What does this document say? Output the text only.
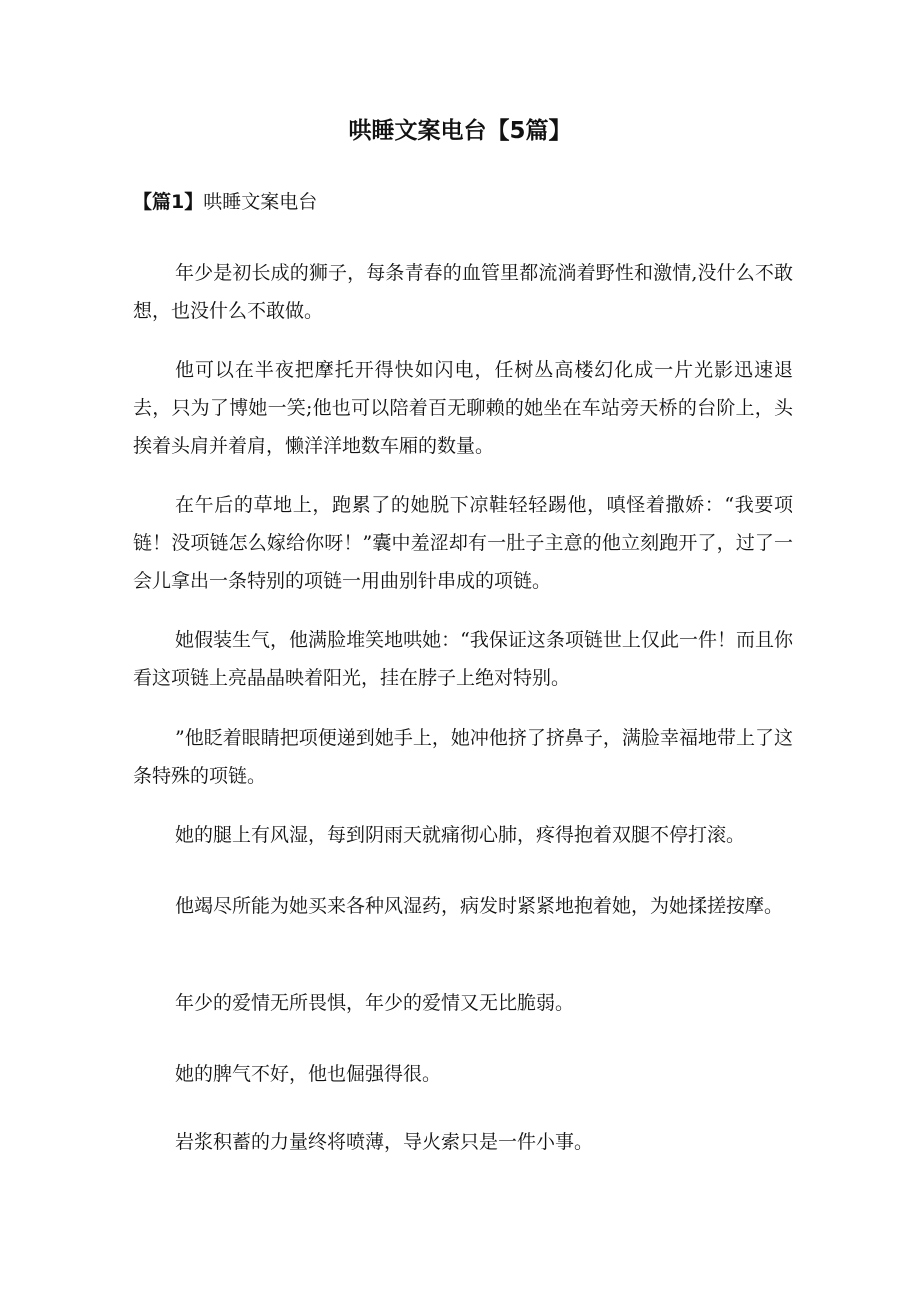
哄睡文案电台【5篇】
【篇1】哄睡文案电台

年少是初长成的狮子，每条青春的血管里都流淌着野性和激情,没什么不敢想，也没什么不敢做。

他可以在半夜把摩托开得快如闪电，任树丛高楼幻化成一片光影迅速退去，只为了博她一笑;他也可以陪着百无聊赖的她坐在车站旁天桥的台阶上，头挨着头肩并着肩，懒洋洋地数车厢的数量。

在午后的草地上，跑累了的她脱下凉鞋轻轻踢他，嗔怪着撒娇：“我要项链！没项链怎么嫁给你呀！”囊中羞涩却有一肚子主意的他立刻跑开了，过了一会儿拿出一条特别的项链一用曲别针串成的项链。

她假装生气，他满脸堆笑地哄她：“我保证这条项链世上仅此一件！而且你看这项链上亮晶晶映着阳光，挂在脖子上绝对特别。

”他眨着眼睛把项便递到她手上，她冲他挤了挤鼻子，满脸幸福地带上了这条特殊的项链。

她的腿上有风湿，每到阴雨天就痛彻心肺，疼得抱着双腿不停打滚。

他竭尽所能为她买来各种风湿药，病发时紧紧地抱着她，为她揉搓按摩。

年少的爱情无所畏惧，年少的爱情又无比脆弱。

她的脾气不好，他也倔强得很。

岩浆积蓄的力量终将喷薄，导火索只是一件小事。
